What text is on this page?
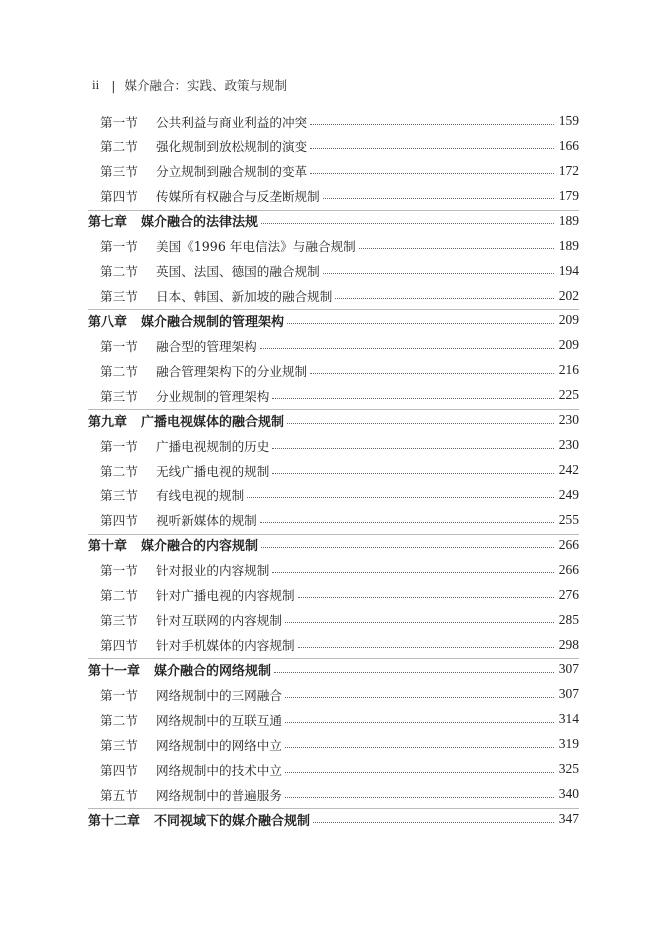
ii | 媒介融合：实践、政策与规制
第一节	公共利益与商业利益的冲突	159
第二节	强化规制到放松规制的演变	166
第三节	分立规制到融合规制的变革	172
第四节	传媒所有权融合与反垄断规制	179
第七章 媒介融合的法律法规	189
第一节	美国《1996 年电信法》与融合规制	189
第二节	英国、法国、德国的融合规制	194
第三节	日本、韩国、新加坡的融合规制	202
第八章 媒介融合规制的管理架构	209
第一节	融合型的管理架构	209
第二节	融合管理架构下的分业规制	216
第三节	分业规制的管理架构	225
第九章 广播电视媒体的融合规制	230
第一节	广播电视规制的历史	230
第二节	无线广播电视的规制	242
第三节	有线电视的规制	249
第四节	视听新媒体的规制	255
第十章 媒介融合的内容规制	266
第一节	针对报业的内容规制	266
第二节	针对广播电视的内容规制	276
第三节	针对互联网的内容规制	285
第四节	针对手机媒体的内容规制	298
第十一章 媒介融合的网络规制	307
第一节	网络规制中的三网融合	307
第二节	网络规制中的互联互通	314
第三节	网络规制中的网络中立	319
第四节	网络规制中的技术中立	325
第五节	网络规制中的普遍服务	340
第十二章 不同视域下的媒介融合规制	347
